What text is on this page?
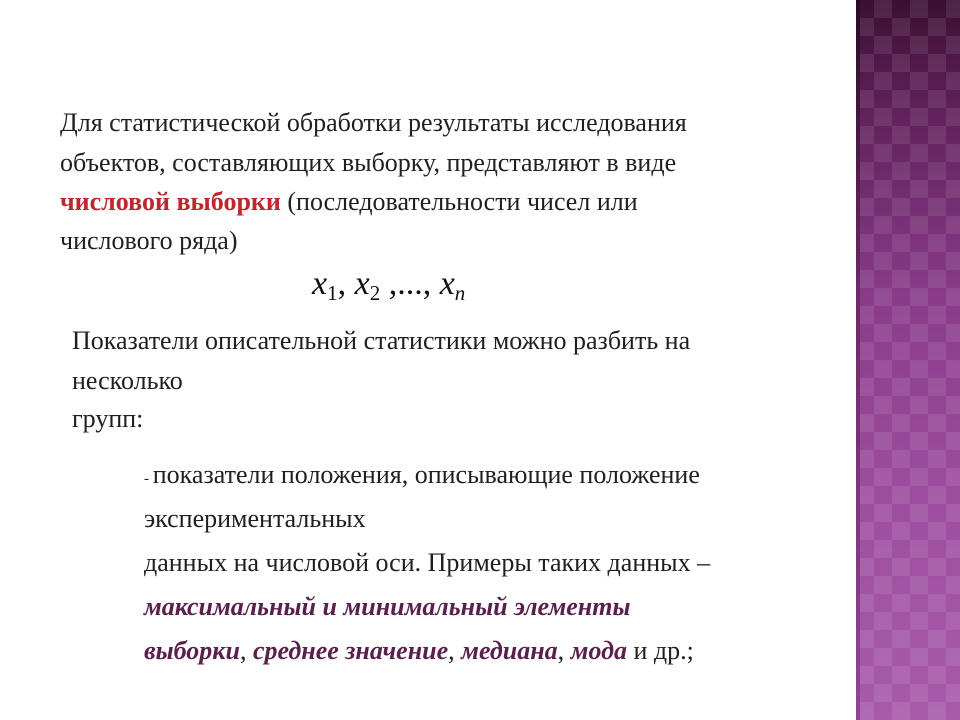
Для статистической обработки результаты исследования
объектов, составляющих выборку, представляют в виде
числовой выборки (последовательности чисел или
числового ряда)
$x_1$, $x_2$ ,..., xn
Показатели описательной статистики можно разбить на
несколько
групп:
- показатели положения, описывающие положение
экспериментальных
данных на числовой оси. Примеры таких данных –
максимальный и минимальный элементы
выборки, среднее значение, медиана, мода и др.;
